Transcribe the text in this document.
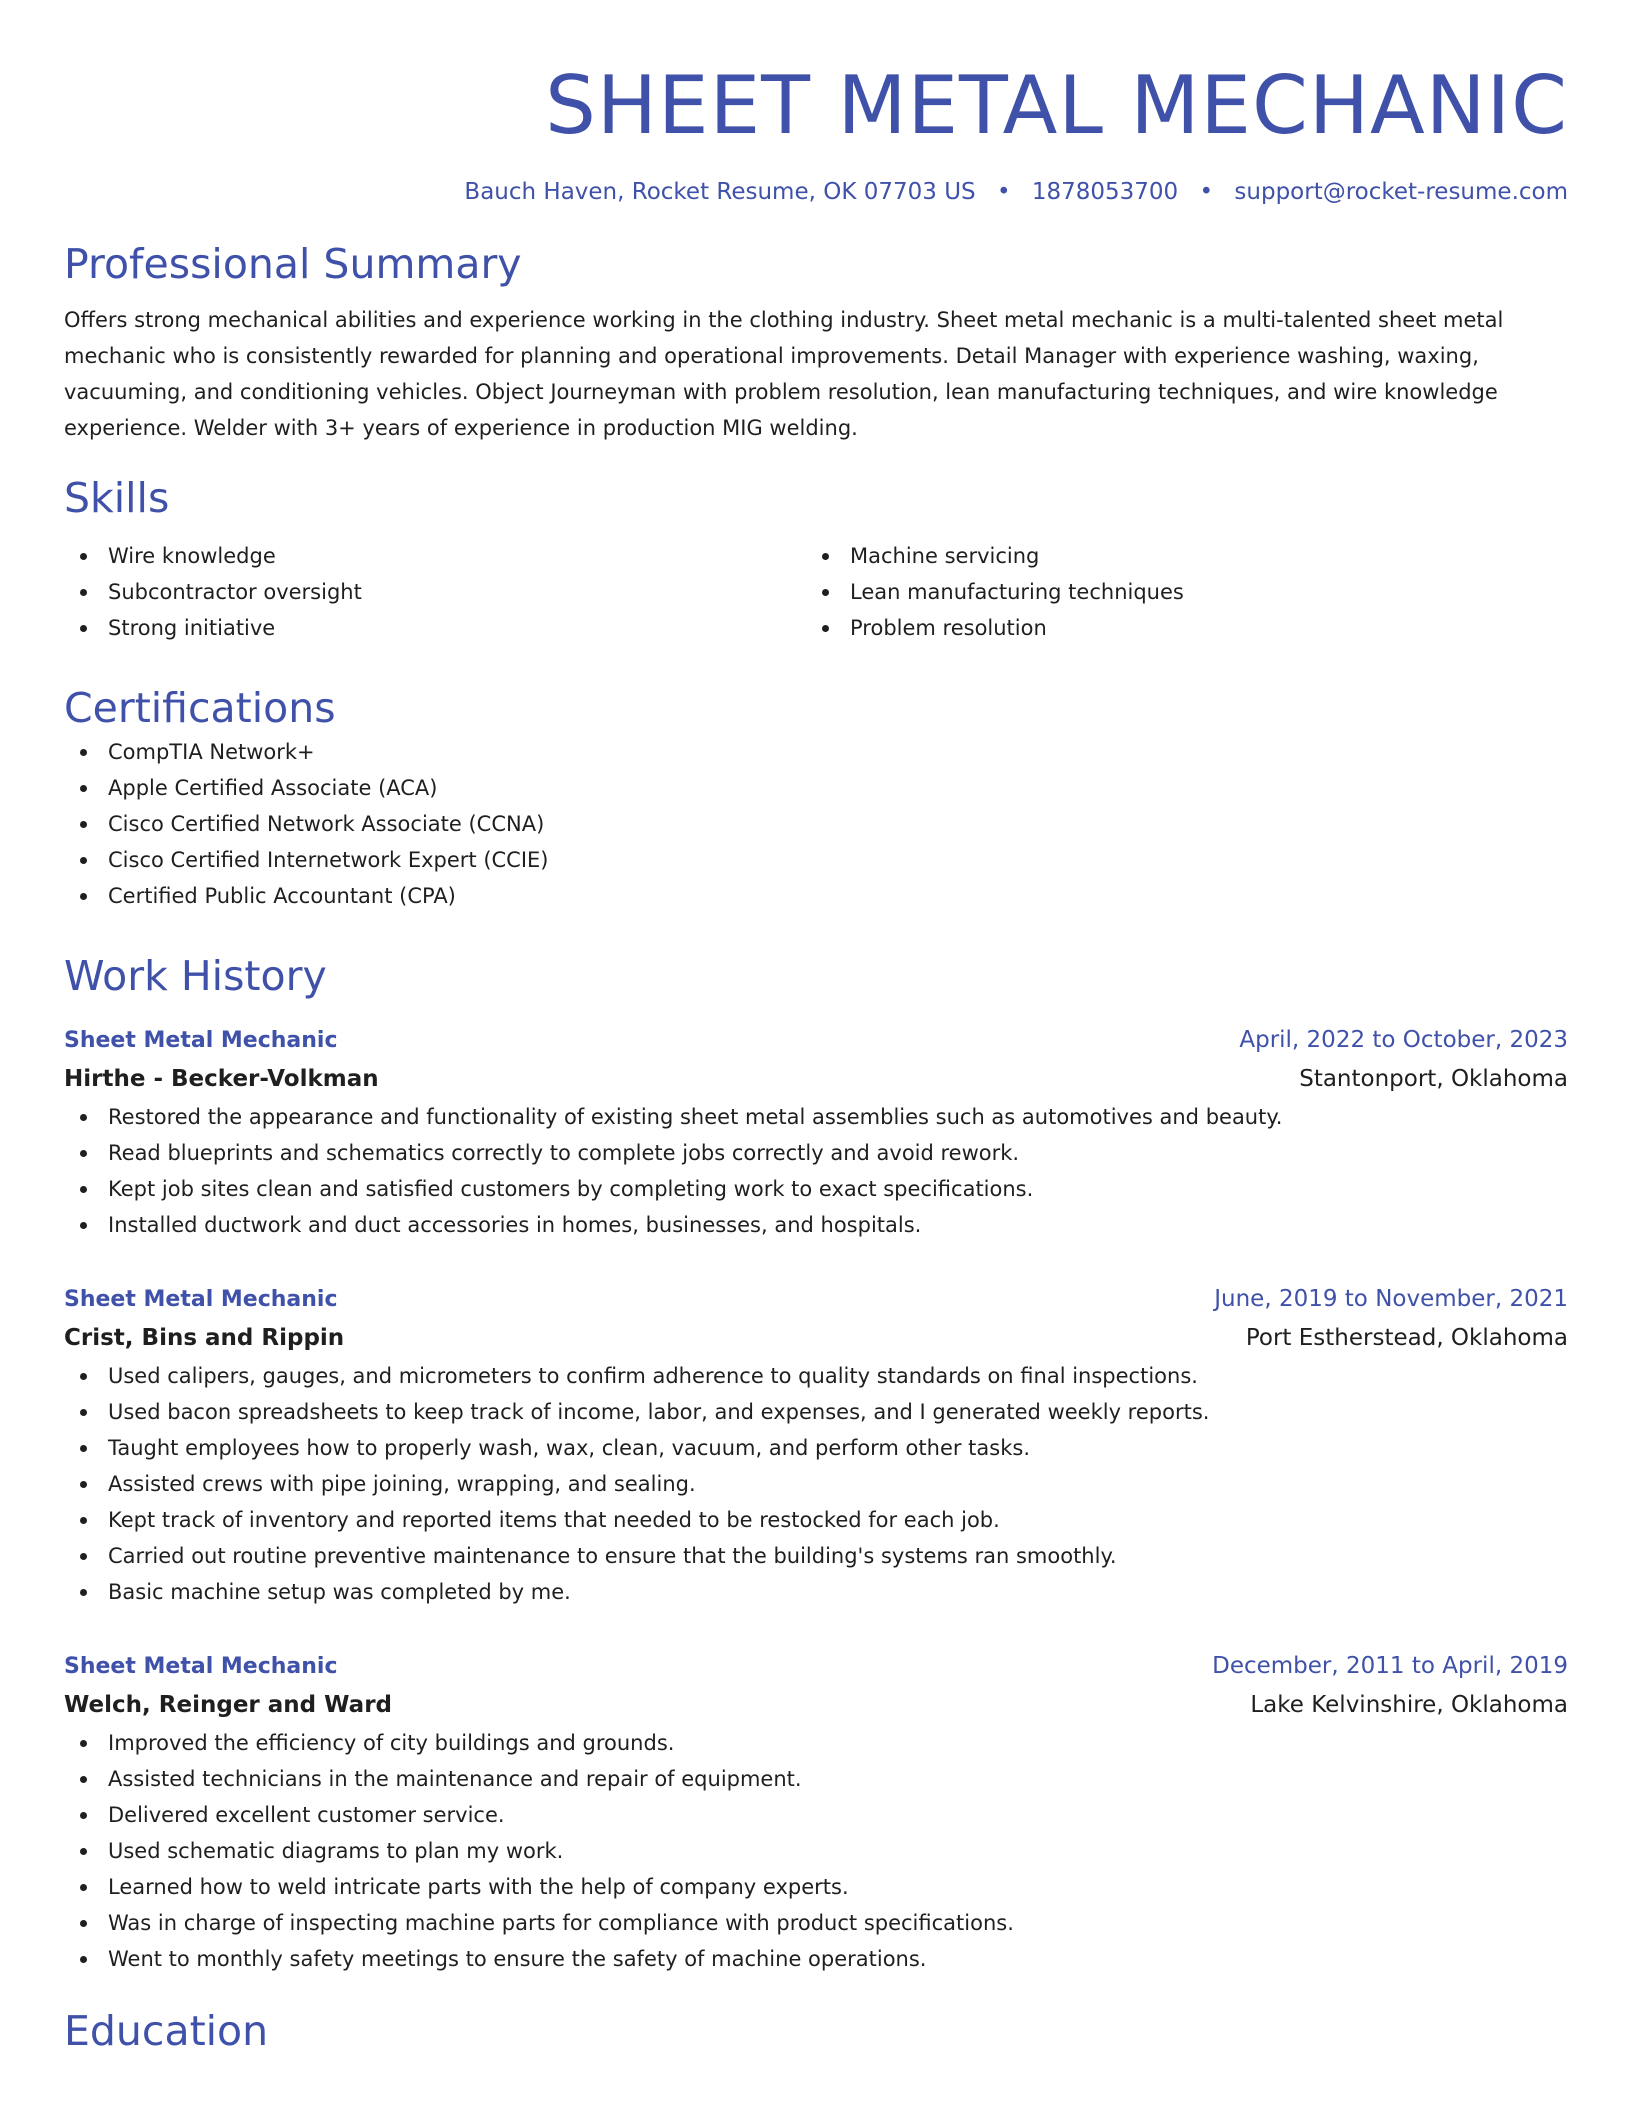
SHEET METAL MECHANIC
Bauch Haven, Rocket Resume, OK 07703 US • 1878053700 • support@rocket-resume.com
Professional Summary
Offers strong mechanical abilities and experience working in the clothing industry. Sheet metal mechanic is a multi-talented sheet metal mechanic who is consistently rewarded for planning and operational improvements. Detail Manager with experience washing, waxing, vacuuming, and conditioning vehicles. Object Journeyman with problem resolution, lean manufacturing techniques, and wire knowledge experience. Welder with 3+ years of experience in production MIG welding.
Skills
Wire knowledge
Subcontractor oversight
Strong initiative
Machine servicing
Lean manufacturing techniques
Problem resolution
Certifications
CompTIA Network+
Apple Certified Associate (ACA)
Cisco Certified Network Associate (CCNA)
Cisco Certified Internetwork Expert (CCIE)
Certified Public Accountant (CPA)
Work History
Sheet Metal Mechanic	April, 2022 to October, 2023
Hirthe - Becker-Volkman	Stantonport, Oklahoma
Restored the appearance and functionality of existing sheet metal assemblies such as automotives and beauty.
Read blueprints and schematics correctly to complete jobs correctly and avoid rework.
Kept job sites clean and satisfied customers by completing work to exact specifications.
Installed ductwork and duct accessories in homes, businesses, and hospitals.
Sheet Metal Mechanic	June, 2019 to November, 2021
Crist, Bins and Rippin	Port Estherstead, Oklahoma
Used calipers, gauges, and micrometers to confirm adherence to quality standards on final inspections.
Used bacon spreadsheets to keep track of income, labor, and expenses, and I generated weekly reports.
Taught employees how to properly wash, wax, clean, vacuum, and perform other tasks.
Assisted crews with pipe joining, wrapping, and sealing.
Kept track of inventory and reported items that needed to be restocked for each job.
Carried out routine preventive maintenance to ensure that the building's systems ran smoothly.
Basic machine setup was completed by me.
Sheet Metal Mechanic	December, 2011 to April, 2019
Welch, Reinger and Ward	Lake Kelvinshire, Oklahoma
Improved the efficiency of city buildings and grounds.
Assisted technicians in the maintenance and repair of equipment.
Delivered excellent customer service.
Used schematic diagrams to plan my work.
Learned how to weld intricate parts with the help of company experts.
Was in charge of inspecting machine parts for compliance with product specifications.
Went to monthly safety meetings to ensure the safety of machine operations.
Education
